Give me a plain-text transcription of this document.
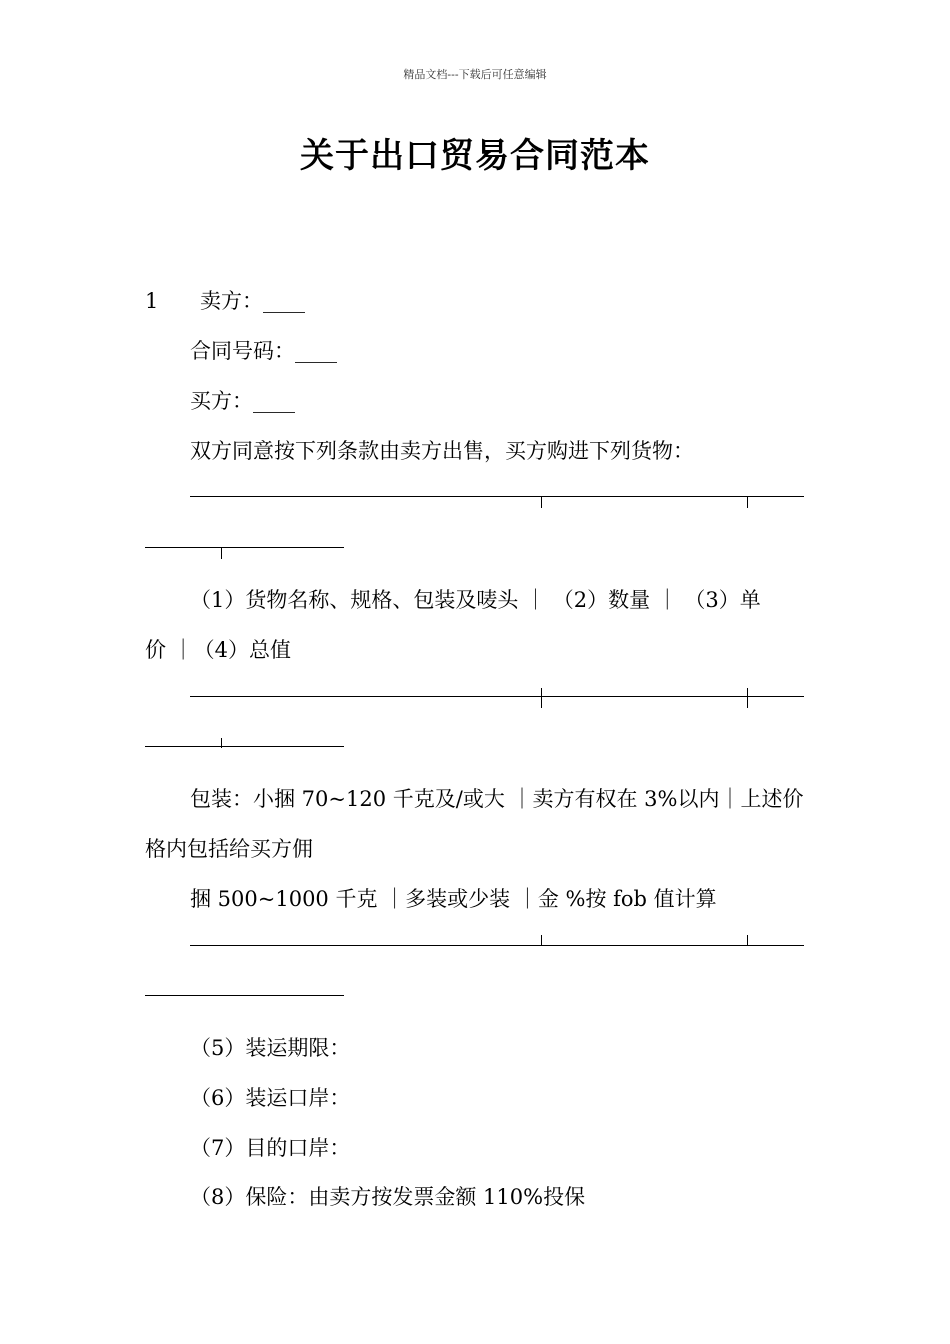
精品文档---下载后可任意编辑
关于出口贸易合同范本
1 卖方：____
合同号码：____
买方：____
双方同意按下列条款由卖方出售，买方购进下列货物：
（1）货物名称、规格、包装及唛头 ｜ （2）数量 ｜ （3）单
价 ｜（4）总值
包装：小捆 70~120 千克及/或大 ｜卖方有权在 3%以内｜上述价
格内包括给买方佣
捆 500~1000 千克 ｜多装或少装 ｜金 %按 fob 值计算
（5）装运期限：
（6）装运口岸：
（7）目的口岸：
（8）保险：由卖方按发票金额 110%投保
